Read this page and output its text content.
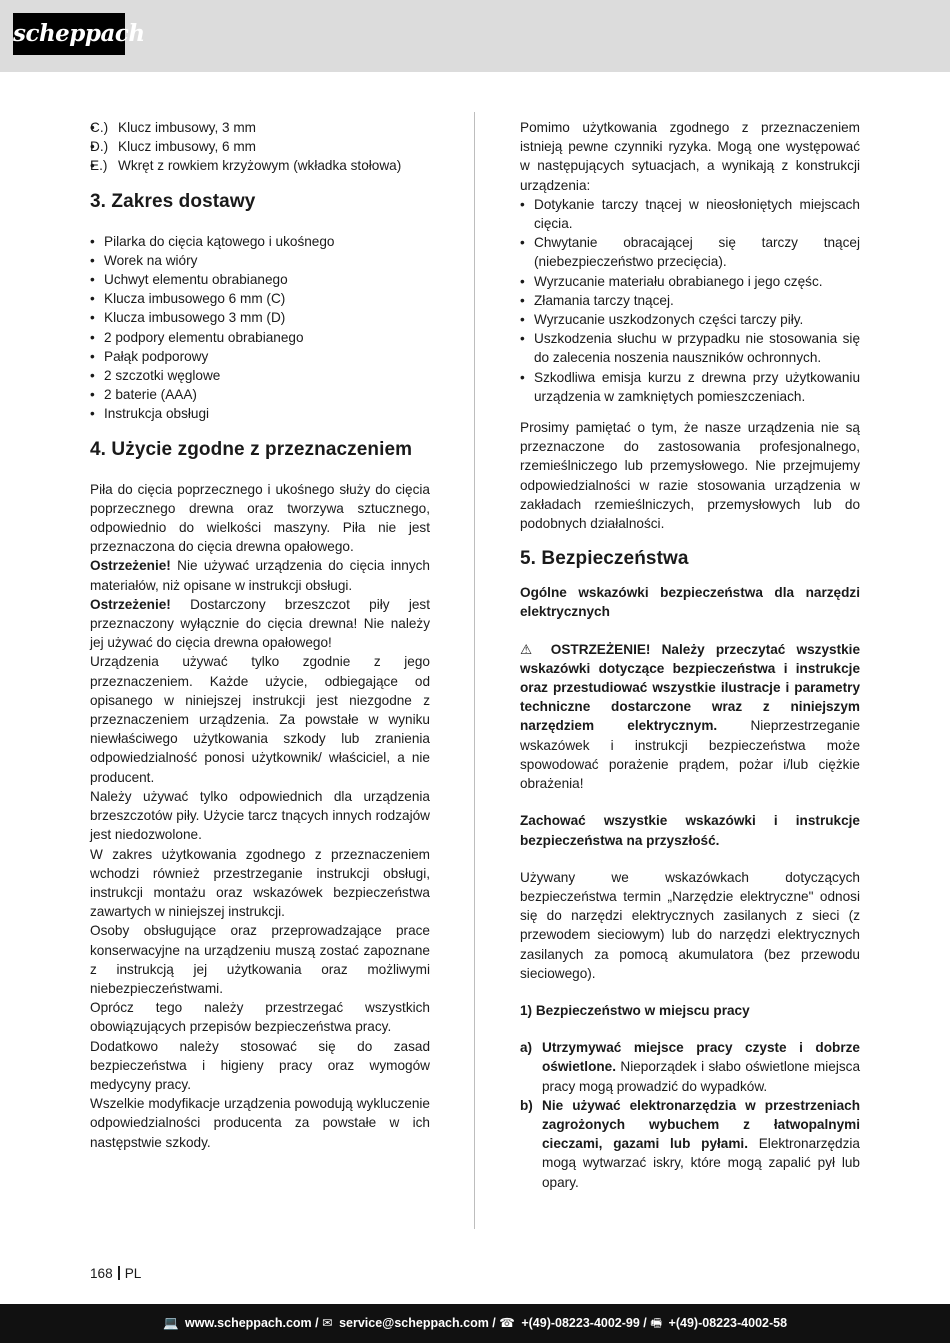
scheppach
• C.) Klucz imbusowy, 3 mm
• D.) Klucz imbusowy, 6 mm
• E.) Wkręt z rowkiem krzyżowym (wkładka stołowa)
3. Zakres dostawy
• Pilarka do cięcia kątowego i ukośnego
• Worek na wióry
• Uchwyt elementu obrabianego
• Klucza imbusowego 6 mm (C)
• Klucza imbusowego 3 mm (D)
• 2 podpory elementu obrabianego
• Pałąk podporowy
• 2 szczotki węglowe
• 2 baterie (AAA)
• Instrukcja obsługi
4. Użycie zgodne z przeznaczeniem

Piła do cięcia poprzecznego i ukośnego służy do cięcia poprzecznego drewna oraz tworzywa sztucznego, odpowiednio do wielkości maszyny. Piła nie jest przeznaczona do cięcia drewna opałowego.

Ostrzeżenie! Nie używać urządzenia do cięcia innych materiałów, niż opisane w instrukcji obsługi.

Ostrzeżenie! Dostarczony brzeszczot piły jest przeznaczony wyłącznie do cięcia drewna! Nie należy jej używać do cięcia drewna opałowego!

Urządzenia używać tylko zgodnie z jego przeznaczeniem. Każde użycie, odbiegające od opisanego w niniejszej instrukcji jest niezgodne z przeznaczeniem urządzenia. Za powstałe w wyniku niewłaściwego użytkowania szkody lub zranienia odpowiedzialność ponosi użytkownik/ właściciel, a nie producent.

Należy używać tylko odpowiednich dla urządzenia brzeszczotów piły. Użycie tarcz tnących innych rodzajów jest niedozwolone.

W zakres użytkowania zgodnego z przeznaczeniem wchodzi również przestrzeganie instrukcji obsługi, instrukcji montażu oraz wskazówek bezpieczeństwa zawartych w niniejszej instrukcji.

Osoby obsługujące oraz przeprowadzające prace konserwacyjne na urządzeniu muszą zostać zapoznane z instrukcją jej użytkowania oraz możliwymi niebezpieczeństwami.

Oprócz tego należy przestrzegać wszystkich obowiązujących przepisów bezpieczeństwa pracy.

Dodatkowo należy stosować się do zasad bezpieczeństwa i higieny pracy oraz wymogów medycyny pracy.

Wszelkie modyfikacje urządzenia powodują wykluczenie odpowiedzialności producenta za powstałe w ich następstwie szkody.

Pomimo użytkowania zgodnego z przeznaczeniem istnieją pewne czynniki ryzyka. Mogą one występować w następujących sytuacjach, a wynikają z konstrukcji urządzenia:

• Dotykanie tarczy tnącej w nieosłoniętych miejscach cięcia.
• Chwytanie obracającej się tarczy tnącej (niebezpieczeństwo przecięcia).
• Wyrzucanie materiału obrabianego i jego częśc.
• Złamania tarczy tnącej.
• Wyrzucanie uszkodzonych części tarczy piły.
• Uszkodzenia słuchu w przypadku nie stosowania się do zalecenia noszenia nauszników ochronnych.
• Szkodliwa emisja kurzu z drewna przy użytkowaniu urządzenia w zamkniętych pomieszczeniach.

Prosimy pamiętać o tym, że nasze urządzenia nie są przeznaczone do zastosowania profesjonalnego, rzemieślniczego lub przemysłowego. Nie przejmujemy odpowiedzialności w razie stosowania urządzenia w zakładach rzemieślniczych, przemysłowych lub do podobnych działalności.

5. Bezpieczeństwa

Ogólne wskazówki bezpieczeństwa dla narzędzi elektrycznych

⚠ OSTRZEŻENIE! Należy przeczytać wszystkie wskazówki dotyczące bezpieczeństwa i instrukcje oraz przestudiować wszystkie ilustracje i parametry techniczne dostarczone wraz z niniejszym narzędziem elektrycznym. Nieprzestrzeganie wskazówek i instrukcji bezpieczeństwa może spowodować porażenie prądem, pożar i/lub ciężkie obrażenia!

Zachować wszystkie wskazówki i instrukcje bezpieczeństwa na przyszłość.

Używany we wskazówkach dotyczących bezpieczeństwa termin „Narzędzie elektryczne" odnosi się do narzędzi elektrycznych zasilanych z sieci (z przewodem sieciowym) lub do narzędzi elektrycznych zasilanych za pomocą akumulatora (bez przewodu sieciowego).

1) Bezpieczeństwo w miejscu pracy

a) Utrzymywać miejsce pracy czyste i dobrze oświetlone. Nieporządek i słabo oświetlone miejsca pracy mogą prowadzić do wypadków.
b) Nie używać elektronarzędzia w przestrzeniach zagrożonych wybuchem z łatwopalnymi cieczami, gazami lub pyłami. Elektronarzędzia mogą wytwarzać iskry, które mogą zapalić pył lub opary.
168 PL
💻 www.scheppach.com / ✉ service@scheppach.com / ☎ +(49)-08223-4002-99 / 🖷 +(49)-08223-4002-58
